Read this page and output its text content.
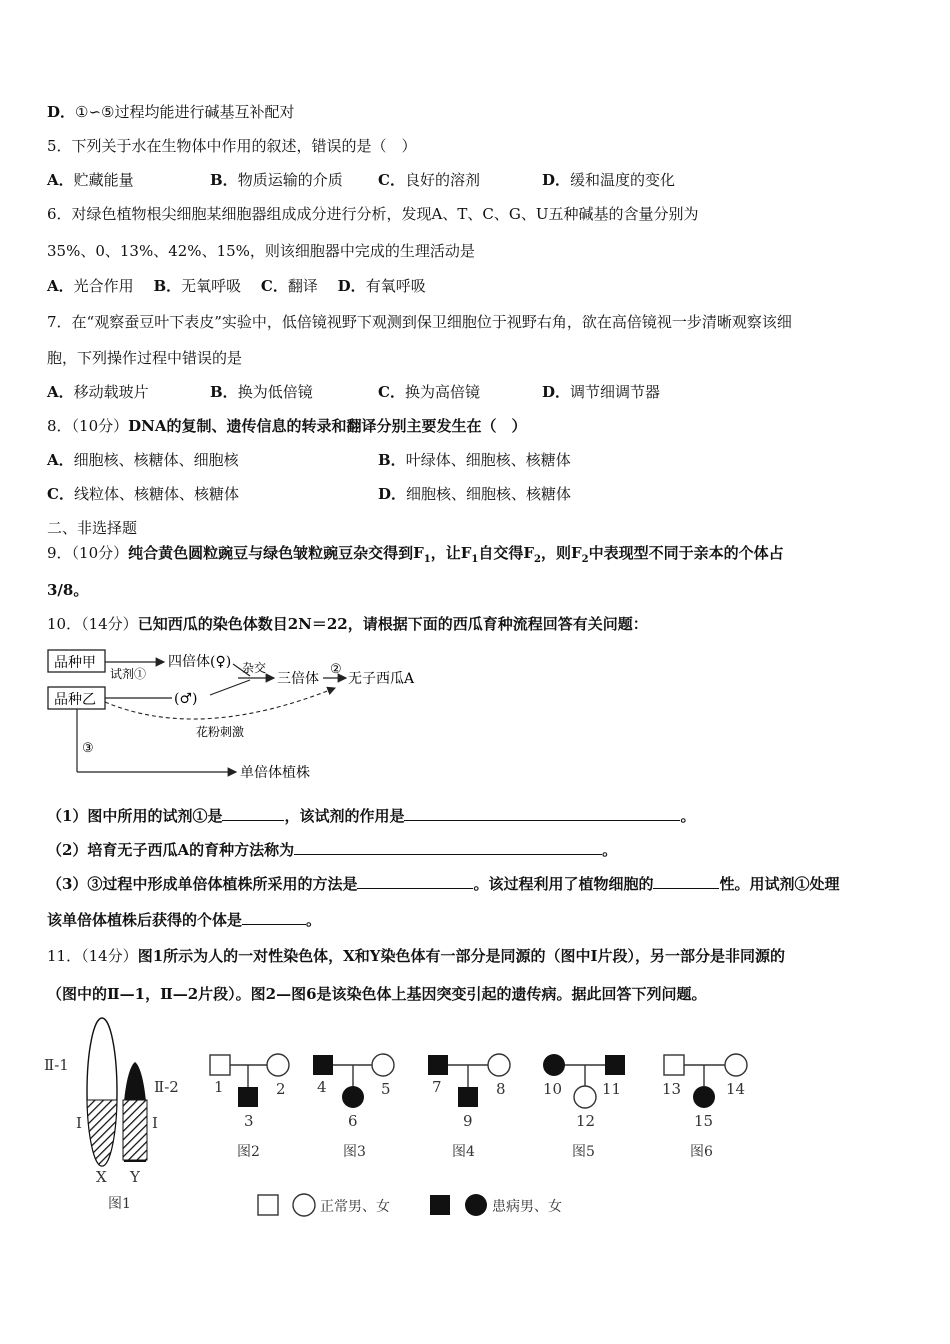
D．①∽⑤过程均能进行碱基互补配对
5．下列关于水在生物体中作用的叙述，错误的是（　）
A．贮藏能量	B．物质运输的介质 C．良好的溶剂	D．缓和温度的变化
6．对绿色植物根尖细胞某细胞器组成成分进行分析，发现A、T、C、G、U五种碱基的含量分别为
35%、0、13%、42%、15%，则该细胞器中完成的生理活动是
A．光合作用  B．无氧呼吸  C．翻译  D．有氧呼吸
7．在“观察蚕豆叶下表皮”实验中，低倍镜视野下观测到保卫细胞位于视野右角，欲在高倍镜视一步清晰观察该细
胞，下列操作过程中错误的是
A．移动载玻片	B．换为低倍镜	C．换为高倍镜	D．调节细调节器
8．（10分）DNA的复制、遗传信息的转录和翻译分别主要发生在（　）
A．细胞核、核糖体、细胞核	B．叶绿体、细胞核、核糖体
C．线粒体、核糖体、核糖体	D．细胞核、细胞核、核糖体
二、非选择题
9．（10分）纯合黄色圆粒豌豆与绿色皱粒豌豆杂交得到$F_1$，让$F_1$自交得$F_2$，则$F_2$中表现型不同于亲本的个体占
3/8。
10．（14分）已知西瓜的染色体数目2N＝22，请根据下面的西瓜育种流程回答有关问题：
品种甲
品种乙
试剂①
四倍体(♀)
(♂)
杂交
三倍体
②
无子西瓜A
花粉刺激
③
单倍体植株
（1）图中所用的试剂①是	，该试剂的作用是	。
（2）培育无子西瓜A的育种方法称为	。
（3）③过程中形成单倍体植株所采用的方法是	。该过程利用了植物细胞的	性。用试剂①处理
该单倍体植株后获得的个体是	。
11．（14分）图1所示为人的一对性染色体，X和Y染色体有一部分是同源的（图中Ⅰ片段），另一部分是非同源的
（图中的Ⅱ—1，Ⅱ—2片段）。图2—图6是该染色体上基因突变引起的遗传病。据此回答下列问题。
Ⅱ-1
Ⅱ-2
Ⅰ	Ⅰ
X Y
图1
1	2
3
图2
4	5
6
图3
7	8
9
图4
10	11
12
图5
13	14
15
图6
正常男、女	患病男、女
